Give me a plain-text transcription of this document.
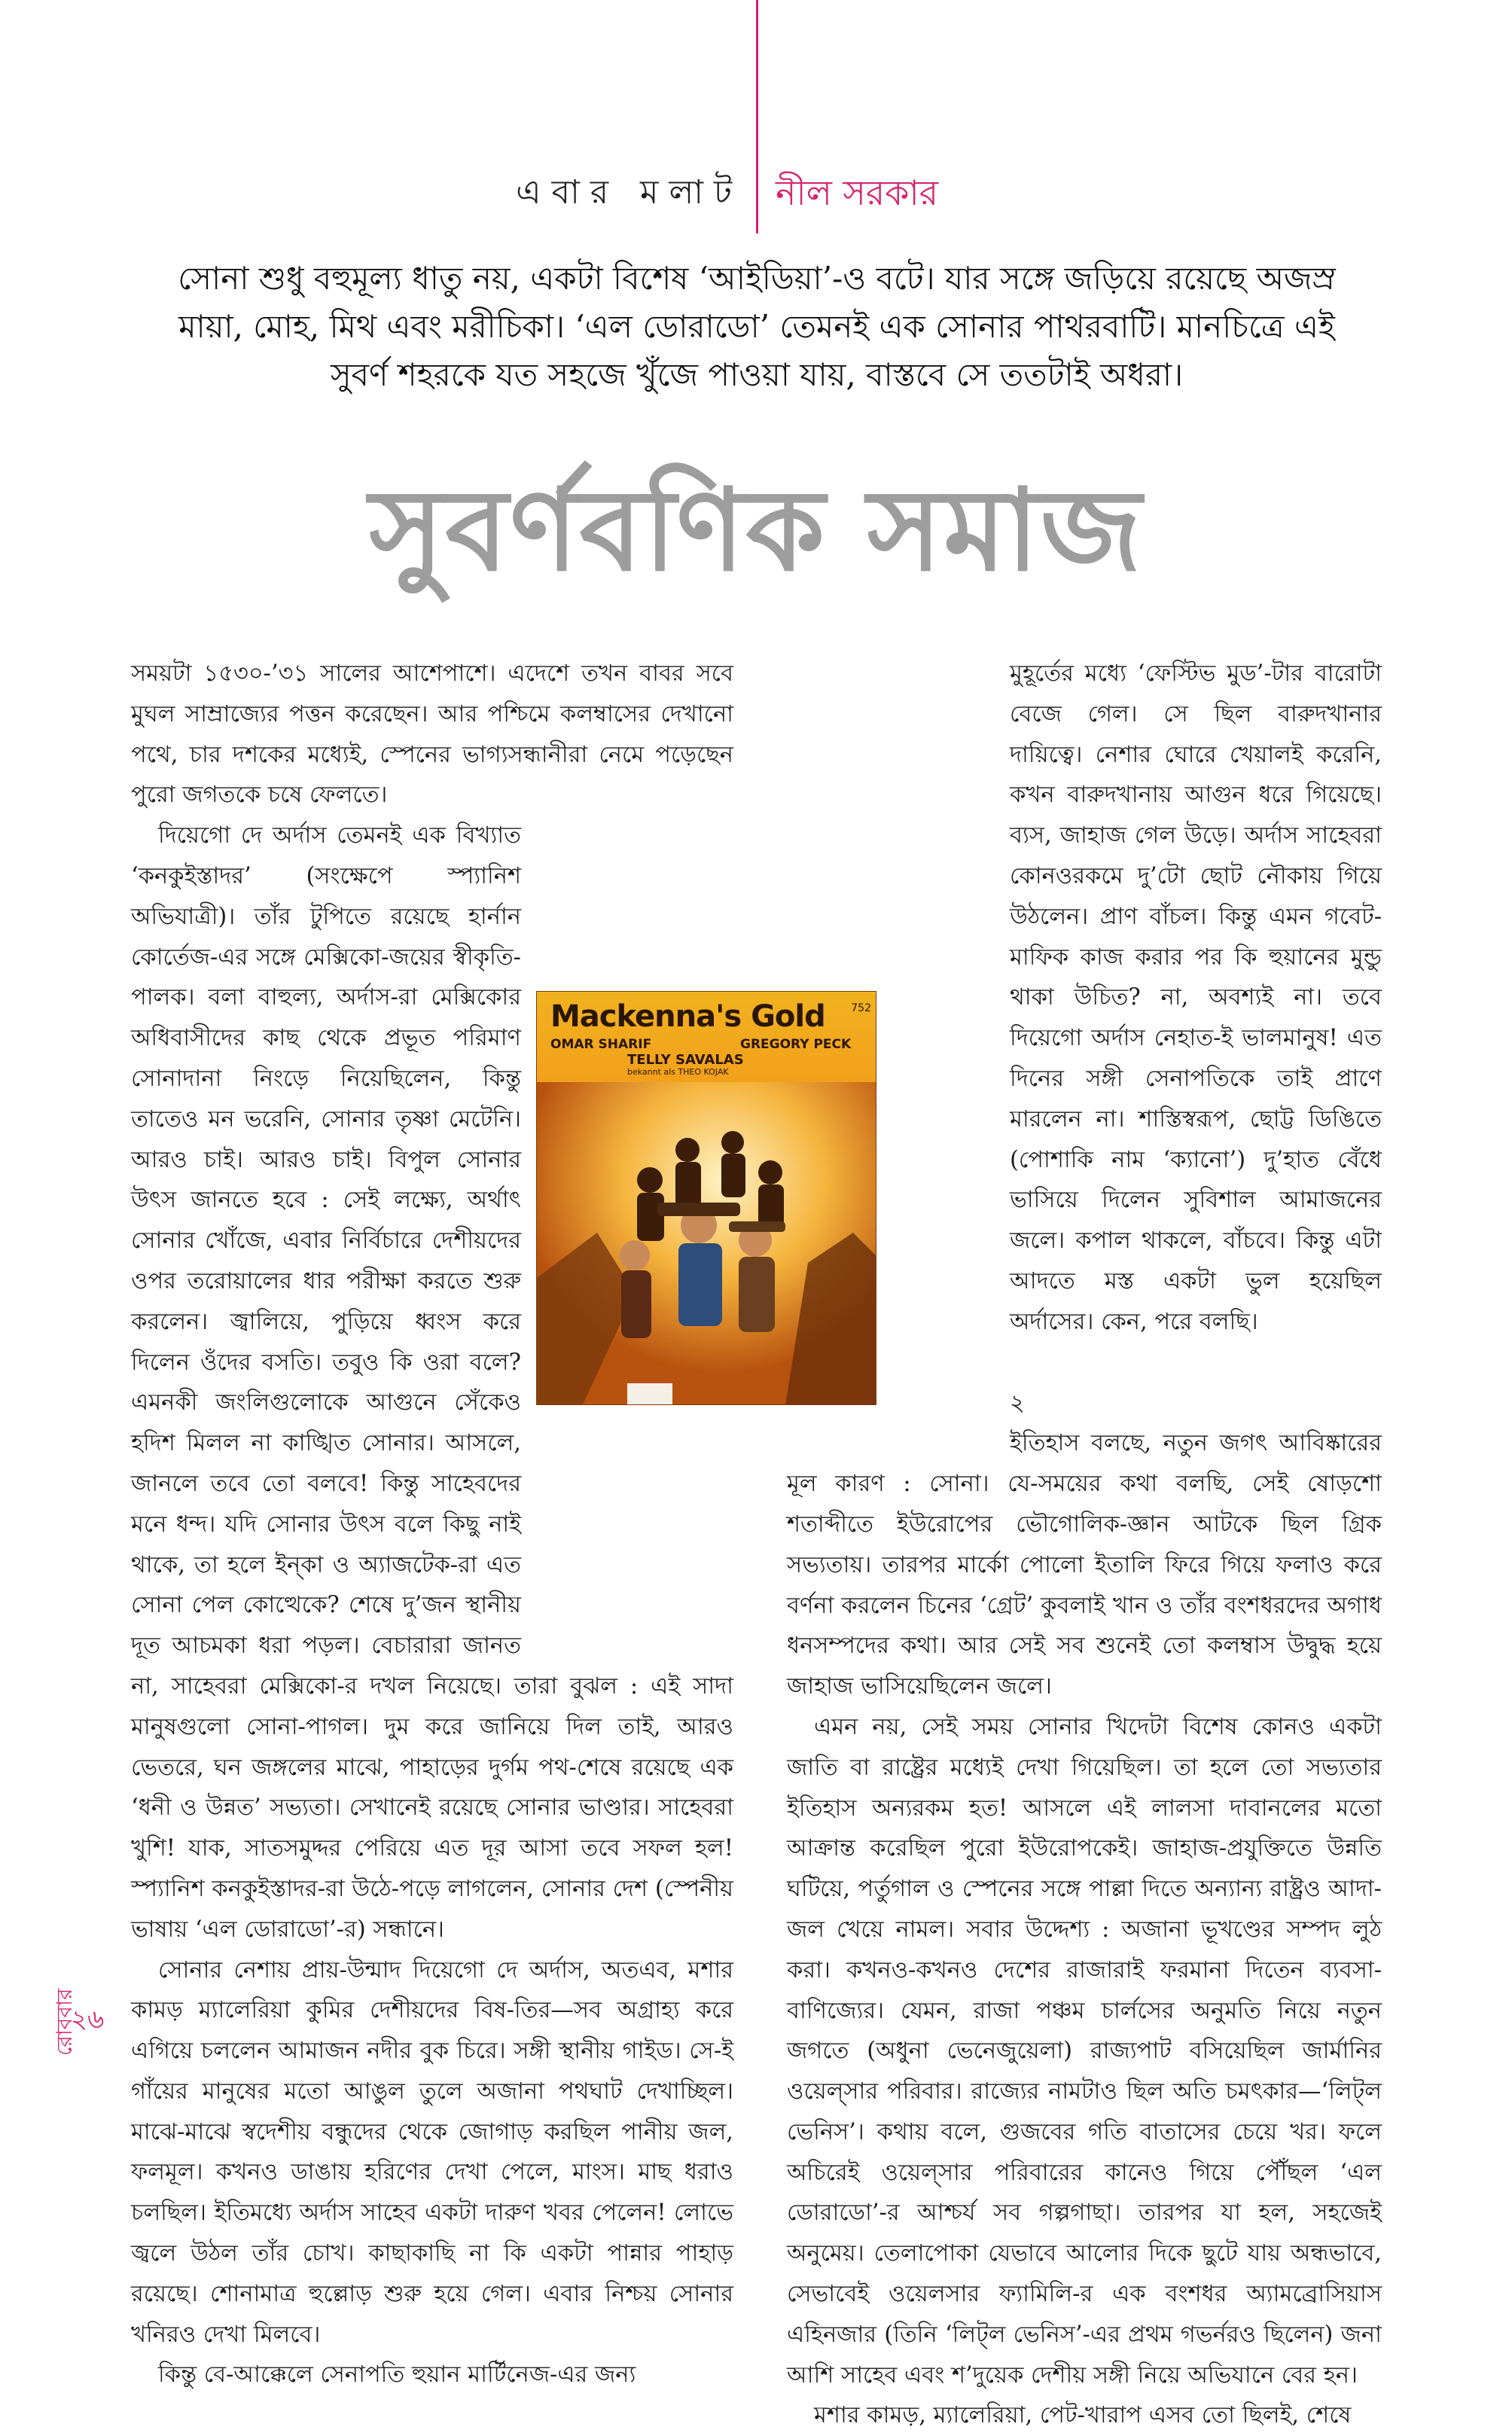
এবার মলাট নীল সরকার
সোনা শুধু বহুমূল্য ধাতু নয়, একটা বিশেষ ‘আইডিয়া’-ও বটে। যার সঙ্গে জড়িয়ে রয়েছে অজস্র মায়া, মোহ, মিথ এবং মরীচিকা। ‘এল ডোরাডো’ তেমনই এক সোনার পাথরবাটি। মানচিত্রে এই সুবর্ণ শহরকে যত সহজে খুঁজে পাওয়া যায়, বাস্তবে সে ততটাই অধরা।
সুবর্ণবণিক সমাজ

সময়টা ১৫৩০-’৩১ সালের আশেপাশে। এদেশে তখন বাবর সবে মুঘল সাম্রাজ্যের পত্তন করেছেন। আর পশ্চিমে কলম্বাসের দেখানো পথে, চার দশকের মধ্যেই, স্পেনের ভাগ্যসন্ধানীরা নেমে পড়েছেন পুরো জগতকে চষে ফেলতে।

দিয়েগো দে অর্দাস তেমনই এক বিখ্যাত ‘কনকুইস্তাদর’ (সংক্ষেপে স্প্যানিশ অভিযাত্রী)। তাঁর টুপিতে রয়েছে হার্নান কোর্তেজ-এর সঙ্গে মেক্সিকো-জয়ের স্বীকৃতি-পালক। বলা বাহুল্য, অর্দাস-রা মেক্সিকোর অধিবাসীদের কাছ থেকে প্রভূত পরিমাণ সোনাদানা নিংড়ে নিয়েছিলেন, কিন্তু তাতেও মন ভরেনি, সোনার তৃষ্ণা মেটেনি। আরও চাই। আরও চাই। বিপুল সোনার উৎস জানতে হবে : সেই লক্ষ্যে, অর্থাৎ সোনার খোঁজে, এবার নির্বিচারে দেশীয়দের ওপর তরোয়ালের ধার পরীক্ষা করতে শুরু করলেন। জ্বালিয়ে, পুড়িয়ে ধ্বংস করে দিলেন ওঁদের বসতি। তবুও কি ওরা বলে? এমনকী জংলিগুলোকে আগুনে সেঁকেও হদিশ মিলল না কাঙ্খিত সোনার। আসলে, জানলে তবে তো বলবে! কিন্তু সাহেবদের মনে ধন্দ। যদি সোনার উৎস বলে কিছু নাই থাকে, তা হলে ইন্কা ও অ্যাজটেক-রা এত সোনা পেল কোত্থেকে? শেষে দু’জন স্থানীয় দূত আচমকা ধরা পড়ল। বেচারারা জানত না, সাহেবরা মেক্সিকো-র দখল নিয়েছে। তারা বুঝল : এই সাদা মানুষগুলো সোনা-পাগল। দুম করে জানিয়ে দিল তাই, আরও ভেতরে, ঘন জঙ্গলের মাঝে, পাহাড়ের দুর্গম পথ-শেষে রয়েছে এক ‘ধনী ও উন্নত’ সভ্যতা। সেখানেই রয়েছে সোনার ভাণ্ডার। সাহেবরা খুশি! যাক, সাতসমুদ্দর পেরিয়ে এত দূর আসা তবে সফল হল! স্প্যানিশ কনকুইস্তাদর-রা উঠে-পড়ে লাগলেন, সোনার দেশ (স্পেনীয় ভাষায় ‘এল ডোরাডো’-র) সন্ধানে।

সোনার নেশায় প্রায়-উন্মাদ দিয়েগো দে অর্দাস, অতএব, মশার কামড় ম্যালেরিয়া কুমির দেশীয়দের বিষ-তির—সব অগ্রাহ্য করে এগিয়ে চললেন আমাজন নদীর বুক চিরে। সঙ্গী স্থানীয় গাইড। সে-ই গাঁয়ের মানুষের মতো আঙুল তুলে অজানা পথঘাট দেখাচ্ছিল। মাঝে-মাঝে স্বদেশীয় বন্ধুদের থেকে জোগাড় করছিল পানীয় জল, ফলমূল। কখনও ডাঙায় হরিণের দেখা পেলে, মাংস। মাছ ধরাও চলছিল। ইতিমধ্যে অর্দাস সাহেব একটা দারুণ খবর পেলেন! লোভে জ্বলে উঠল তাঁর চোখ। কাছাকাছি না কি একটা পান্নার পাহাড় রয়েছে। শোনামাত্র হুল্লোড় শুরু হয়ে গেল। এবার নিশ্চয় সোনার খনিরও দেখা মিলবে।

কিন্তু বে-আক্কেলে সেনাপতি হুয়ান মার্টিনেজ-এর জন্য

মুহূর্তের মধ্যে ‘ফেস্টিভ মুড’-টার বারোটা বেজে গেল। সে ছিল বারুদখানার দায়িত্বে। নেশার ঘোরে খেয়ালই করেনি, কখন বারুদখানায় আগুন ধরে গিয়েছে। ব্যস, জাহাজ গেল উড়ে। অর্দাস সাহেবরা কোনওরকমে দু’টো ছোট নৌকায় গিয়ে উঠলেন। প্রাণ বাঁচল। কিন্তু এমন গবেট-মাফিক কাজ করার পর কি হুয়ানের মুন্ডু থাকা উচিত? না, অবশ্যই না। তবে দিয়েগো অর্দাস নেহাত-ই ভালমানুষ! এত দিনের সঙ্গী সেনাপতিকে তাই প্রাণে মারলেন না। শাস্তিস্বরূপ, ছোট্ট ডিঙিতে (পোশাকি নাম ‘ক্যানো’) দু’হাত বেঁধে ভাসিয়ে দিলেন সুবিশাল আমাজনের জলে। কপাল থাকলে, বাঁচবে। কিন্তু এটা আদতে মস্ত একটা ভুল হয়েছিল অর্দাসের। কেন, পরে বলছি।

২

ইতিহাস বলছে, নতুন জগৎ আবিষ্কারের মূল কারণ : সোনা। যে-সময়ের কথা বলছি, সেই ষোড়শো শতাব্দীতে ইউরোপের ভৌগোলিক-জ্ঞান আটকে ছিল গ্রিক সভ্যতায়। তারপর মার্কো পোলো ইতালি ফিরে গিয়ে ফলাও করে বর্ণনা করলেন চিনের ‘গ্রেট’ কুবলাই খান ও তাঁর বংশধরদের অগাধ ধনসম্পদের কথা। আর সেই সব শুনেই তো কলম্বাস উদ্বুদ্ধ হয়ে জাহাজ ভাসিয়েছিলেন জলে।

এমন নয়, সেই সময় সোনার খিদেটা বিশেষ কোনও একটা জাতি বা রাষ্ট্রের মধ্যেই দেখা গিয়েছিল। তা হলে তো সভ্যতার ইতিহাস অন্যরকম হত! আসলে এই লালসা দাবানলের মতো আক্রান্ত করেছিল পুরো ইউরোপকেই। জাহাজ-প্রযুক্তিতে উন্নতি ঘটিয়ে, পর্তুগাল ও স্পেনের সঙ্গে পাল্লা দিতে অন্যান্য রাষ্ট্রও আদা-জল খেয়ে নামল। সবার উদ্দেশ্য : অজানা ভূখণ্ডের সম্পদ লুঠ করা। কখনও-কখনও দেশের রাজারাই ফরমানা দিতেন ব্যবসা-বাণিজ্যের। যেমন, রাজা পঞ্চম চার্লসের অনুমতি নিয়ে নতুন জগতে (অধুনা ভেনেজুয়েলা) রাজ্যপাট বসিয়েছিল জার্মানির ওয়েল্সার পরিবার। রাজ্যের নামটাও ছিল অতি চমৎকার—‘লিট্ল ভেনিস’। কথায় বলে, গুজবের গতি বাতাসের চেয়ে খর। ফলে অচিরেই ওয়েল্সার পরিবারের কানেও গিয়ে পৌঁছল ‘এল ডোরাডো’-র আশ্চর্য সব গল্পগাছা। তারপর যা হল, সহজেই অনুমেয়। তেলাপোকা যেভাবে আলোর দিকে ছুটে যায় অন্ধভাবে, সেভাবেই ওয়েলসার ফ্যামিলি-র এক বংশধর অ্যামব্রোসিয়াস এহিনজার (তিনি ‘লিট্ল ভেনিস’-এর প্রথম গভর্নরও ছিলেন) জনা আশি সাহেব এবং শ’দুয়েক দেশীয় সঙ্গী নিয়ে অভিযানে বের হন।

মশার কামড়, ম্যালেরিয়া, পেট-খারাপ এসব তো ছিলই, শেষে

Mackenna's Gold	752
OMAR SHARIF	GREGORY PECK
TELLY SAVALAS
bekannt als THEO KOJAK
২৬
রোববার
